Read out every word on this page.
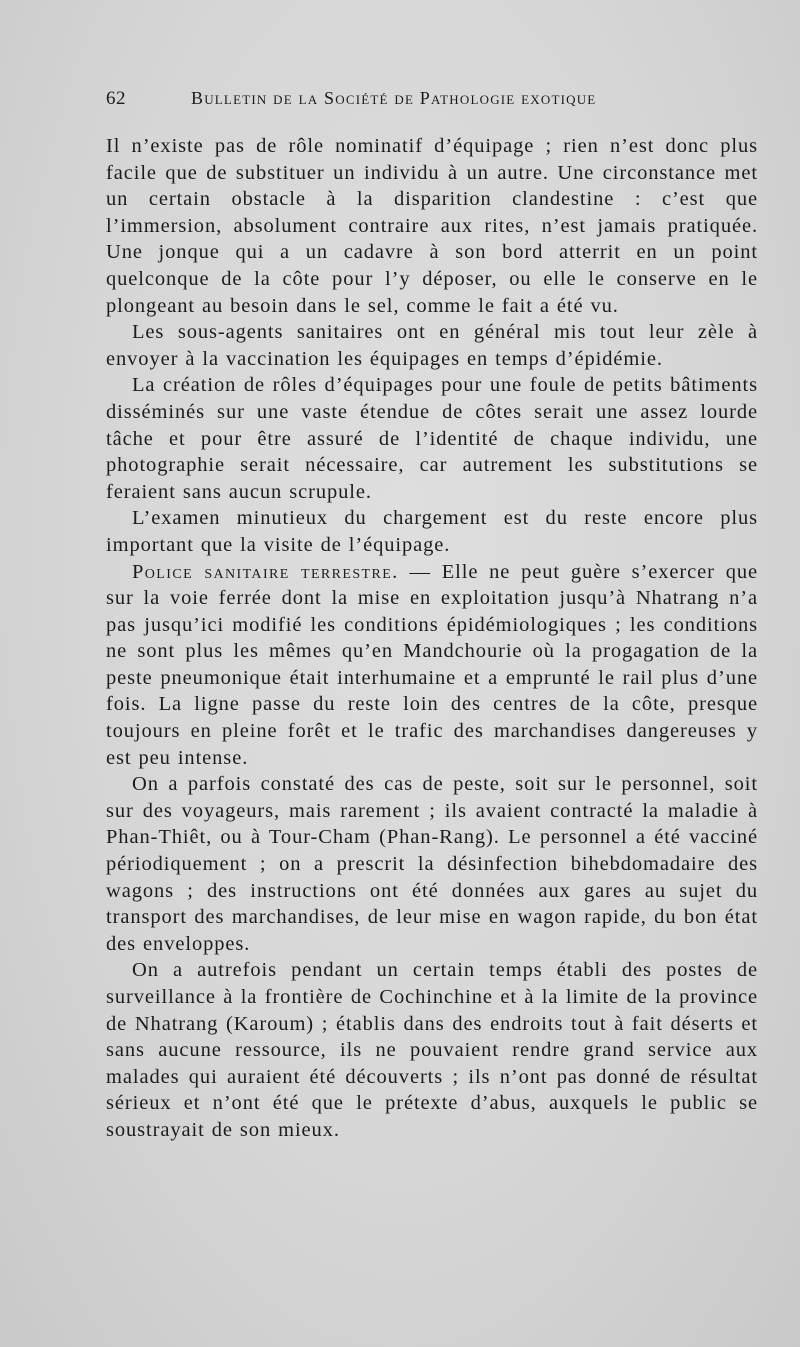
62	Bulletin de la Société de Pathologie exotique

Il n’existe pas de rôle nominatif d’équipage ; rien n’est donc plus facile que de substituer un individu à un autre. Une circonstance met un certain obstacle à la disparition clandestine : c’est que l’immersion, absolument contraire aux rites, n’est jamais pratiquée. Une jonque qui a un cadavre à son bord atterrit en un point quelconque de la côte pour l’y déposer, ou elle le conserve en le plongeant au besoin dans le sel, comme le fait a été vu.

Les sous-agents sanitaires ont en général mis tout leur zèle à envoyer à la vaccination les équipages en temps d’épidémie.

La création de rôles d’équipages pour une foule de petits bâtiments disséminés sur une vaste étendue de côtes serait une assez lourde tâche et pour être assuré de l’identité de chaque individu, une photographie serait nécessaire, car autrement les substitutions se feraient sans aucun scrupule.

L’examen minutieux du chargement est du reste encore plus important que la visite de l’équipage.

Police sanitaire terrestre. — Elle ne peut guère s’exercer que sur la voie ferrée dont la mise en exploitation jusqu’à Nhatrang n’a pas jusqu’ici modifié les conditions épidémiologiques ; les conditions ne sont plus les mêmes qu’en Mandchourie où la progagation de la peste pneumonique était interhumaine et a emprunté le rail plus d’une fois. La ligne passe du reste loin des centres de la côte, presque toujours en pleine forêt et le trafic des marchandises dangereuses y est peu intense.

On a parfois constaté des cas de peste, soit sur le personnel, soit sur des voyageurs, mais rarement ; ils avaient contracté la maladie à Phan-Thiêt, ou à Tour-Cham (Phan-Rang). Le personnel a été vacciné périodiquement ; on a prescrit la désinfection bihebdomadaire des wagons ; des instructions ont été données aux gares au sujet du transport des marchandises, de leur mise en wagon rapide, du bon état des enveloppes.

On a autrefois pendant un certain temps établi des postes de surveillance à la frontière de Cochinchine et à la limite de la province de Nhatrang (Karoum) ; établis dans des endroits tout à fait déserts et sans aucune ressource, ils ne pouvaient rendre grand service aux malades qui auraient été découverts ; ils n’ont pas donné de résultat sérieux et n’ont été que le prétexte d’abus, auxquels le public se soustrayait de son mieux.
